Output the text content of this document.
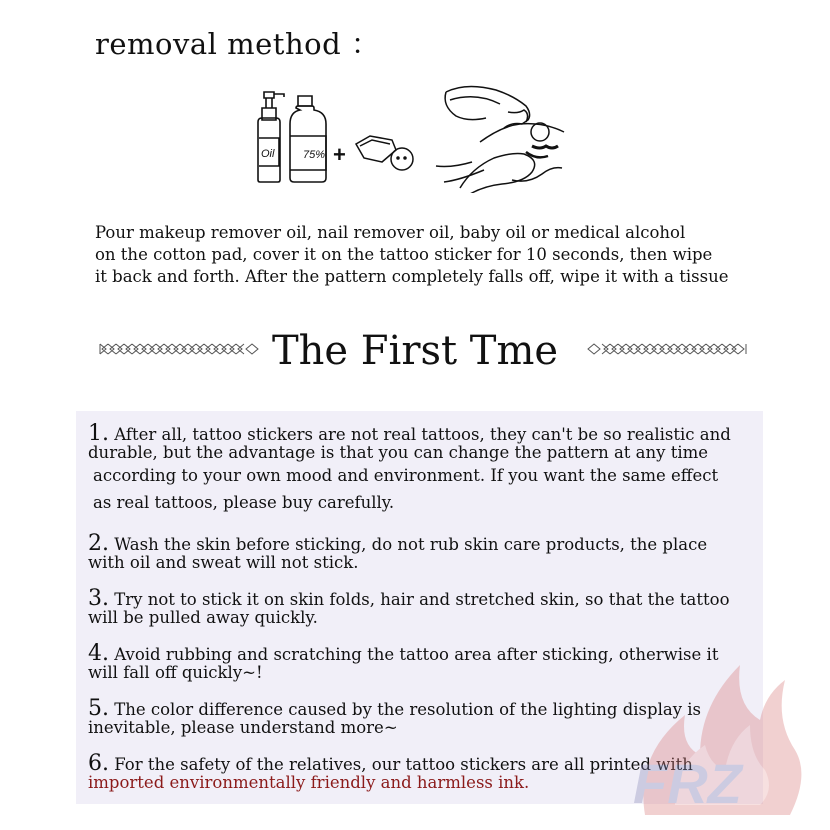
removal method ：
Oil	75% +
Pour makeup remover oil, nail remover oil, baby oil or medical alcohol
on the cotton pad, cover it on the tattoo sticker for 10 seconds, then wipe
it back and forth. After the pattern completely falls off, wipe it with a tissue
The First Tme
1. After all, tattoo stickers are not real tattoos, they can't be so realistic and
durable, but the advantage is that you can change the pattern at any time
according to your own mood and environment. If you want the same effect
as real tattoos, please buy carefully.
2. Wash the skin before sticking, do not rub skin care products, the place
with oil and sweat will not stick.
3. Try not to stick it on skin folds, hair and stretched skin, so that the tattoo
will be pulled away quickly.
4. Avoid rubbing and scratching the tattoo area after sticking, otherwise it
will fall off quickly~!
5. The color difference caused by the resolution of the lighting display is
inevitable, please understand more~
6. For the safety of the relatives, our tattoo stickers are all printed with
imported environmentally friendly and harmless ink.	FRZ
